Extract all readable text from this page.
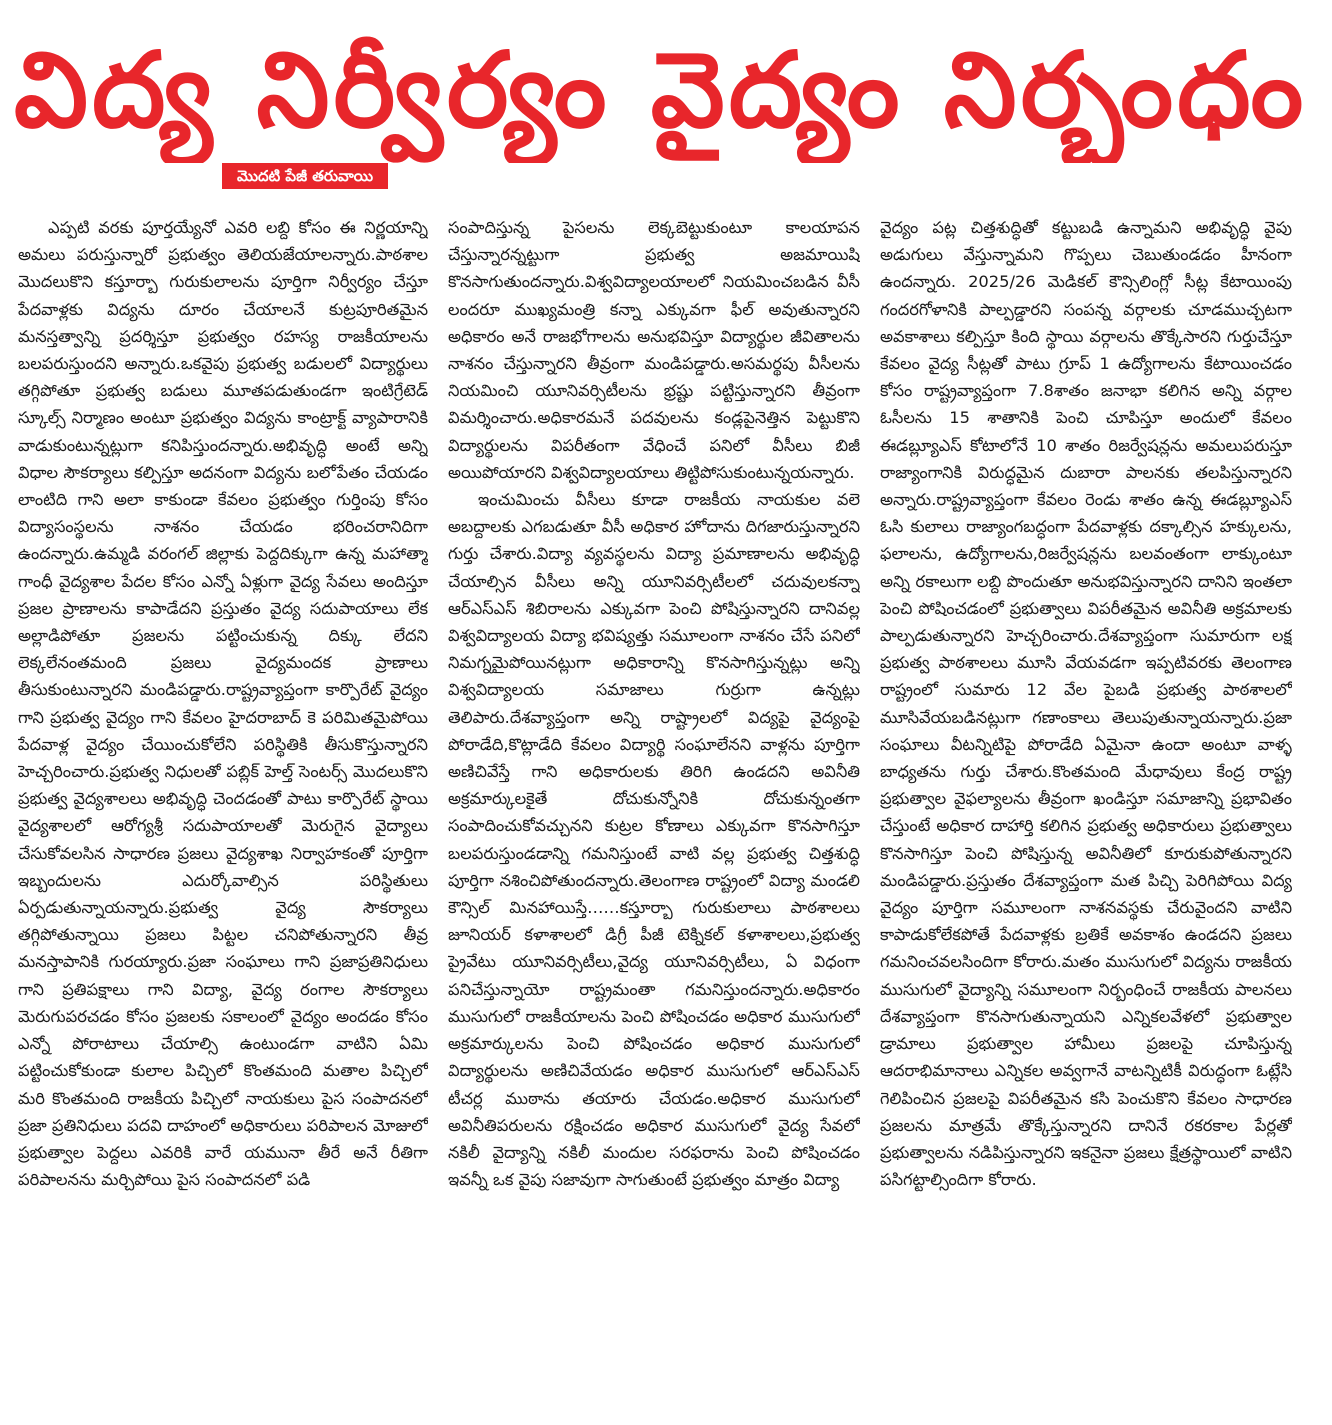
విద్య నిర్వీర్యం వైద్యం నిర్బంధం
మొదటి పేజీ తరువాయి

ఎప్పటి వరకు పూర్తయ్యేనో ఎవరి లబ్ది కోసం ఈ నిర్ణయాన్ని అమలు పరుస్తున్నారో ప్రభుత్వం తెలియజేయాలన్నారు.పాఠశాల మొదలుకొని కస్తూర్బా గురుకులాలను పూర్తిగా నిర్వీర్యం చేస్తూ పేదవాళ్లకు విద్యను దూరం చేయాలనే కుట్రపూరితమైన మనస్తత్వాన్ని ప్రదర్శిస్తూ ప్రభుత్వం రహస్య రాజకీయాలను బలపరుస్తుందని అన్నారు.ఒకవైపు ప్రభుత్వ బడులలో విద్యార్థులు తగ్గిపోతూ ప్రభుత్వ బడులు మూతపడుతుండగా ఇంటిగ్రేటెడ్ స్కూల్స్ నిర్మాణం అంటూ ప్రభుత్వం విద్యను కాంట్రాక్ట్ వ్యాపారానికి వాడుకుంటున్నట్లుగా కనిపిస్తుందన్నారు.అభివృద్ధి అంటే అన్ని విధాల సౌకర్యాలు కల్పిస్తూ అదనంగా విద్యను బలోపేతం చేయడం లాంటిది గాని అలా కాకుండా కేవలం ప్రభుత్వం గుర్తింపు కోసం విద్యాసంస్థలను నాశనం చేయడం భరించరానిదిగా ఉందన్నారు.ఉమ్మడి వరంగల్ జిల్లాకు పెద్దదిక్కుగా ఉన్న మహాత్మా గాంధీ వైద్యశాల పేదల కోసం ఎన్నో ఏళ్లుగా వైద్య సేవలు అందిస్తూ ప్రజల ప్రాణాలను కాపాడేదని ప్రస్తుతం వైద్య సదుపాయాలు లేక అల్లాడిపోతూ ప్రజలను పట్టించుకున్న దిక్కు లేదని లెక్కలేనంతమంది ప్రజలు వైద్యమందక ప్రాణాలు తీసుకుంటున్నారని మండిపడ్డారు.రాష్ట్రవ్యాప్తంగా కార్పొరేట్ వైద్యం గాని ప్రభుత్వ వైద్యం గాని కేవలం హైదరాబాద్ కె పరిమితమైపోయి పేదవాళ్ల వైద్యం చేయించుకోలేని పరిస్థితికి తీసుకొస్తున్నారని హెచ్చరించారు.ప్రభుత్వ నిధులతో పబ్లిక్ హెల్త్ సెంటర్స్ మొదలుకొని ప్రభుత్వ వైద్యశాలలు అభివృద్ధి చెందడంతో పాటు కార్పొరేట్ స్థాయి వైద్యశాలలో ఆరోగ్యశ్రీ సదుపాయాలతో మెరుగైన వైద్యాలు చేసుకోవలసిన సాధారణ ప్రజలు వైద్యశాఖ నిర్వాహకంతో పూర్తిగా ఇబ్బందులను ఎదుర్కోవాల్సిన పరిస్థితులు ఏర్పడుతున్నాయన్నారు.ప్రభుత్వ వైద్య సౌకర్యాలు తగ్గిపోతున్నాయి ప్రజలు పిట్టల చనిపోతున్నారని తీవ్ర మనస్తాపానికి గురయ్యారు.ప్రజా సంఘాలు గాని ప్రజాప్రతినిధులు గాని ప్రతిపక్షాలు గాని విద్యా, వైద్య రంగాల సౌకర్యాలు మెరుగుపరచడం కోసం ప్రజలకు సకాలంలో వైద్యం అందడం కోసం ఎన్నో పోరాటాలు చేయాల్సి ఉంటుండగా వాటిని ఏమి పట్టించుకోకుండా కులాల పిచ్చిలో కొంతమంది మతాల పిచ్చిలో మరి కొంతమంది రాజకీయ పిచ్చిలో నాయకులు పైస సంపాదనలో ప్రజా ప్రతినిధులు పదవి దాహంలో అధికారులు పరిపాలన మోజులో ప్రభుత్వాల పెద్దలు ఎవరికి వారే యమునా తీరే అనే రీతిగా పరిపాలనను మర్చిపోయి పైస సంపాదనలో పడి

సంపాదిస్తున్న పైసలను లెక్కబెట్టుకుంటూ కాలయాపన చేస్తున్నారన్నట్టుగా ప్రభుత్వ అజమాయిషి కొనసాగుతుందన్నారు.విశ్వవిద్యాలయాలలో నియమించబడిన వీసీ లందరూ ముఖ్యమంత్రి కన్నా ఎక్కువగా ఫీల్ అవుతున్నారని అధికారం అనే రాజభోగాలను అనుభవిస్తూ విద్యార్థుల జీవితాలను నాశనం చేస్తున్నారని తీవ్రంగా మండిపడ్డారు.అసమర్థపు వీసీలను నియమించి యూనివర్సిటీలను భ్రష్టు పట్టిస్తున్నారని తీవ్రంగా విమర్శించారు.అధికారమనే పదవులను కండ్లపైనెత్తిన పెట్టుకొని విద్యార్థులను విపరీతంగా వేధించే పనిలో వీసీలు బిజీ అయిపోయారని విశ్వవిద్యాలయాలు తిట్టిపోసుకుంటున్నయన్నారు.

ఇంచుమించు వీసీలు కూడా రాజకీయ నాయకుల వలె అబద్దాలకు ఎగబడుతూ వీసీ అధికార హోదాను దిగజారుస్తున్నారని గుర్తు చేశారు.విద్యా వ్యవస్థలను విద్యా ప్రమాణాలను అభివృద్ధి చేయాల్సిన వీసీలు అన్ని యూనివర్సిటీలలో చదువులకన్నా ఆర్ఎస్ఎస్ శిబిరాలను ఎక్కువగా పెంచి పోషిస్తున్నారని దానివల్ల విశ్వవిద్యాలయ విద్యా భవిష్యత్తు సమూలంగా నాశనం చేసే పనిలో నిమగ్నమైపోయినట్లుగా అధికారాన్ని కొనసాగిస్తున్నట్లు అన్ని విశ్వవిద్యాలయ సమాజాలు గుర్రుగా ఉన్నట్లు తెలిపారు.దేశవ్యాప్తంగా అన్ని రాష్ట్రాలలో విద్యపై వైద్యంపై పోరాడేది,కొట్లాడేది కేవలం విద్యార్థి సంఘాలేనని వాళ్లను పూర్తిగా అణిచివేస్తే గాని అధికారులకు తిరిగి ఉండదని అవినీతి అక్రమార్కులకైతే దోచుకున్నోనికి దోచుకున్నంతగా సంపాదించుకోవచ్చునని కుట్రల కోణాలు ఎక్కువగా కొనసాగిస్తూ బలపరుస్తుండడాన్ని గమనిస్తుంటే వాటి వల్ల ప్రభుత్వ చిత్తశుద్ధి పూర్తిగా నశించిపోతుందన్నారు.తెలంగాణ రాష్ట్రంలో విద్యా మండలి కౌన్సిల్ మినహాయిస్తే……కస్తూర్బా గురుకులాలు పాఠశాలలు జూనియర్ కళాశాలలో డిగ్రీ పీజీ టెక్నికల్ కళాశాలలు,ప్రభుత్వ ప్రైవేటు యూనివర్సిటీలు,వైద్య యూనివర్సిటీలు, ఏ విధంగా పనిచేస్తున్నాయో రాష్ట్రమంతా గమనిస్తుందన్నారు.అధికారం ముసుగులో రాజకీయాలను పెంచి పోషించడం అధికార ముసుగులో అక్రమార్కులను పెంచి పోషించడం అధికార ముసుగులో విద్యార్థులను అణిచివేయడం అధికార ముసుగులో ఆర్ఎస్ఎస్ టీచర్ల ముఠాను తయారు చేయడం.అధికార ముసుగులో అవినీతిపరులను రక్షించడం అధికార ముసుగులో వైద్య సేవలో నకిలీ వైద్యాన్ని నకిలీ మందుల సరఫరాను పెంచి పోషించడం ఇవన్నీ ఒక వైపు సజావుగా సాగుతుంటే ప్రభుత్వం మాత్రం విద్యా

వైద్యం పట్ల చిత్తశుద్ధితో కట్టుబడి ఉన్నామని అభివృద్ధి వైపు అడుగులు వేస్తున్నామని గొప్పలు చెబుతుండడం హీనంగా ఉందన్నారు. 2025/26 మెడికల్ కౌన్సిలింగ్లో సీట్ల కేటాయింపు గందరగోళానికి పాల్పడ్డారని సంపన్న వర్గాలకు చూడముచ్చటగా అవకాశాలు కల్పిస్తూ కింది స్థాయి వర్గాలను తొక్కేసారని గుర్తుచేస్తూ కేవలం వైద్య సీట్లతో పాటు గ్రూప్ 1 ఉద్యోగాలను కేటాయించడం కోసం రాష్ట్రవ్యాప్తంగా 7.8శాతం జనాభా కలిగిన అన్ని వర్గాల ఓసీలను 15 శాతానికి పెంచి చూపిస్తూ అందులో కేవలం ఈడబ్ల్యూఎస్ కోటాలోనే 10 శాతం రిజర్వేషన్లను అమలుపరుస్తూ రాజ్యాంగానికి విరుద్ధమైన దుబారా పాలనకు తలపిస్తున్నారని అన్నారు.రాష్ట్రవ్యాప్తంగా కేవలం రెండు శాతం ఉన్న ఈడబ్ల్యూఎస్ ఓసి కులాలు రాజ్యాంగబద్ధంగా పేదవాళ్లకు దక్కాల్సిన హక్కులను, ఫలాలను, ఉద్యోగాలను,రిజర్వేషన్లను బలవంతంగా లాక్కుంటూ అన్ని రకాలుగా లబ్ది పొందుతూ అనుభవిస్తున్నారని దానిని ఇంతలా పెంచి పోషించడంలో ప్రభుత్వాలు విపరీతమైన అవినీతి అక్రమాలకు పాల్పడుతున్నారని హెచ్చరించారు.దేశవ్యాప్తంగా సుమారుగా లక్ష ప్రభుత్వ పాఠశాలలు మూసి వేయవడగా ఇప్పటివరకు తెలంగాణ రాష్ట్రంలో సుమారు 12 వేల పైబడి ప్రభుత్వ పాఠశాలలో మూసివేయబడినట్లుగా గణాంకాలు తెలుపుతున్నాయన్నారు.ప్రజా సంఘాలు వీటన్నిటిపై పోరాడేది ఏమైనా ఉందా అంటూ వాళ్ళ బాధ్యతను గుర్తు చేశారు.కొంతమంది మేధావులు కేంద్ర రాష్ట్ర ప్రభుత్వాల వైఫల్యాలను తీవ్రంగా ఖండిస్తూ సమాజాన్ని ప్రభావితం చేస్తుంటే అధికార దాహార్తి కలిగిన ప్రభుత్వ అధికారులు ప్రభుత్వాలు కొనసాగిస్తూ పెంచి పోషిస్తున్న అవినీతిలో కూరుకుపోతున్నారని మండిపడ్డారు.ప్రస్తుతం దేశవ్యాప్తంగా మత పిచ్చి పెరిగిపోయి విద్య వైద్యం పూర్తిగా సమూలంగా నాశనవస్థకు చేరువైందని వాటిని కాపాడుకోలేకపోతే పేదవాళ్లకు బ్రతికే అవకాశం ఉండదని ప్రజలు గమనించవలసిందిగా కోరారు.మతం ముసుగులో విద్యను రాజకీయ ముసుగులో వైద్యాన్ని సమూలంగా నిర్బంధించే రాజకీయ పాలనలు దేశవ్యాప్తంగా కొనసాగుతున్నాయని ఎన్నికలవేళలో ప్రభుత్వాల డ్రామాలు ప్రభుత్వాల హామీలు ప్రజలపై చూపిస్తున్న ఆదరాభిమానాలు ఎన్నికల అవ్వగానే వాటన్నిటికీ విరుద్ధంగా ఓట్లేసి గెలిపించిన ప్రజలపై విపరీతమైన కసి పెంచుకొని కేవలం సాధారణ ప్రజలను మాత్రమే తొక్కేస్తున్నారని దానినే రకరకాల పేర్లతో ప్రభుత్వాలను నడిపిస్తున్నారని ఇకనైనా ప్రజలు క్షేత్రస్థాయిలో వాటిని పసిగట్టాల్సిందిగా కోరారు.
